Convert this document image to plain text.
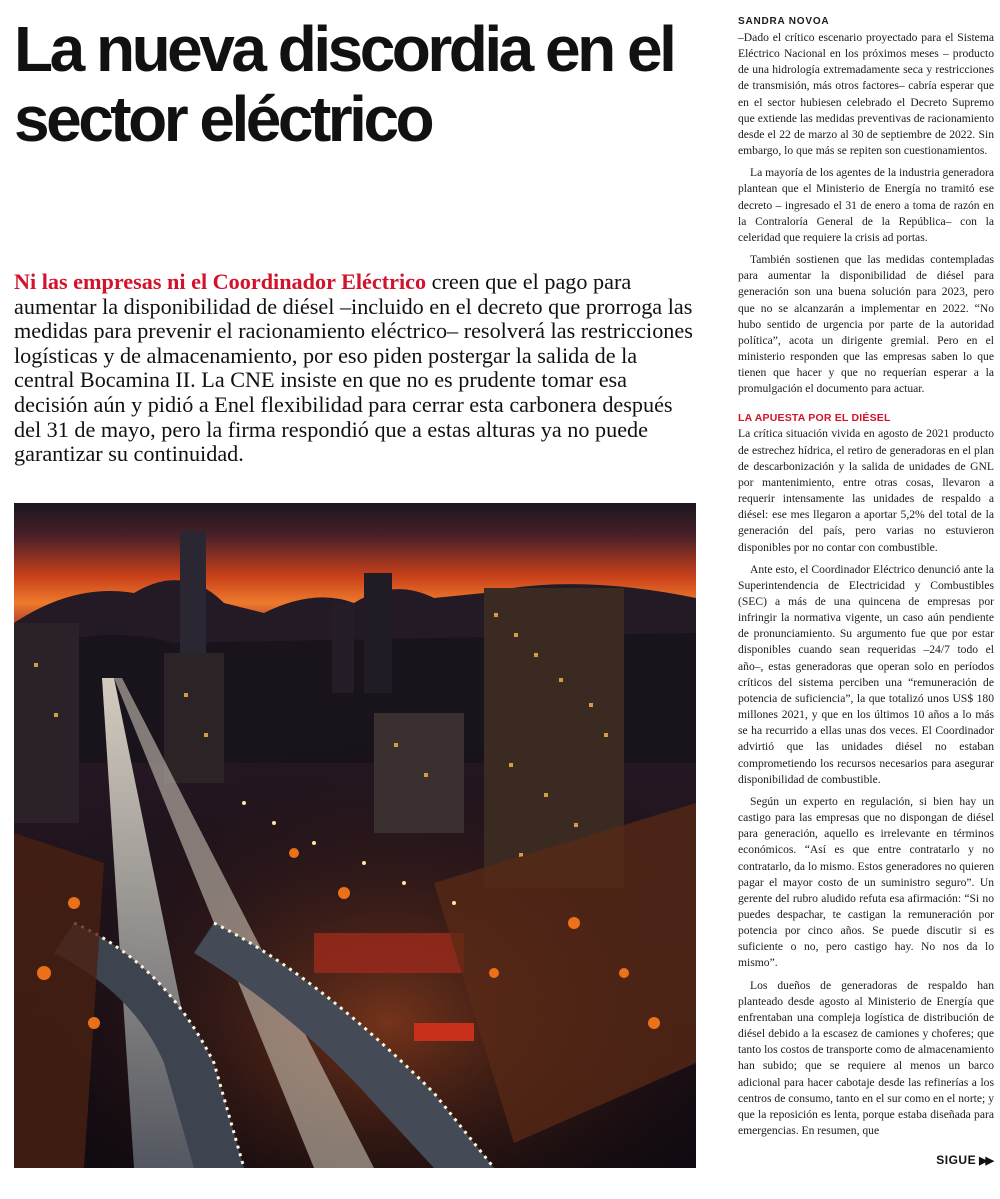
La nueva discordia en el sector eléctrico

Ni las empresas ni el Coordinador Eléctrico creen que el pago para aumentar la disponibilidad de diésel –incluido en el decreto que prorroga las medidas para prevenir el racionamiento eléctrico– resolverá las restricciones logísticas y de almacenamiento, por eso piden postergar la salida de la central Bocamina II. La CNE insiste en que no es prudente tomar esa decisión aún y pidió a Enel flexibilidad para cerrar esta carbonera después del 31 de mayo, pero la firma respondió que a estas alturas ya no puede garantizar su continuidad.

SANDRA NOVOA

–Dado el crítico escenario proyectado para el Sistema Eléctrico Nacional en los próximos meses – producto de una hidrología extremadamente seca y restricciones de transmisión, más otros factores– cabría esperar que en el sector hubiesen celebrado el Decreto Supremo que extiende las medidas preventivas de racionamiento desde el 22 de marzo al 30 de septiembre de 2022. Sin embargo, lo que más se repiten son cuestionamientos.

La mayoría de los agentes de la industria generadora plantean que el Ministerio de Energía no tramitó ese decreto – ingresado el 31 de enero a toma de razón en la Contraloría General de la República– con la celeridad que requiere la crisis ad portas.

También sostienen que las medidas contempladas para aumentar la disponibilidad de diésel para generación son una buena solución para 2023, pero que no se alcanzarán a implementar en 2022. “No hubo sentido de urgencia por parte de la autoridad política”, acota un dirigente gremial. Pero en el ministerio responden que las empresas saben lo que tienen que hacer y que no requerían esperar a la promulgación el documento para actuar.

LA APUESTA POR EL DIÉSEL

La crítica situación vivida en agosto de 2021 producto de estrechez hídrica, el retiro de generadoras en el plan de descarbonización y la salida de unidades de GNL por mantenimiento, entre otras cosas, llevaron a requerir intensamente las unidades de respaldo a diésel: ese mes llegaron a aportar 5,2% del total de la generación del país, pero varias no estuvieron disponibles por no contar con combustible.

Ante esto, el Coordinador Eléctrico denunció ante la Superintendencia de Electricidad y Combustibles (SEC) a más de una quincena de empresas por infringir la normativa vigente, un caso aún pendiente de pronunciamiento. Su argumento fue que por estar disponibles cuando sean requeridas –24/7 todo el año–, estas generadoras que operan solo en períodos críticos del sistema perciben una “remuneración de potencia de suficiencia”, la que totalizó unos US$ 180 millones 2021, y que en los últimos 10 años a lo más se ha recurrido a ellas unas dos veces. El Coordinador advirtió que las unidades diésel no estaban comprometiendo los recursos necesarios para asegurar disponibilidad de combustible.

Según un experto en regulación, si bien hay un castigo para las empresas que no dispongan de diésel para generación, aquello es irrelevante en términos económicos. “Así es que entre contratarlo y no contratarlo, da lo mismo. Estos generadores no quieren pagar el mayor costo de un suministro seguro”. Un gerente del rubro aludido refuta esa afirmación: “Si no puedes despachar, te castigan la remuneración por potencia por cinco años. Se puede discutir si es suficiente o no, pero castigo hay. No nos da lo mismo”.

Los dueños de generadoras de respaldo han planteado desde agosto al Ministerio de Energía que enfrentaban una compleja logística de distribución de diésel debido a la escasez de camiones y choferes; que tanto los costos de transporte como de almacenamiento han subido; que se requiere al menos un barco adicional para hacer cabotaje desde las refinerías a los centros de consumo, tanto en el sur como en el norte; y que la reposición es lenta, porque estaba diseñada para emergencias. En resumen, que

SIGUE ▶▶
